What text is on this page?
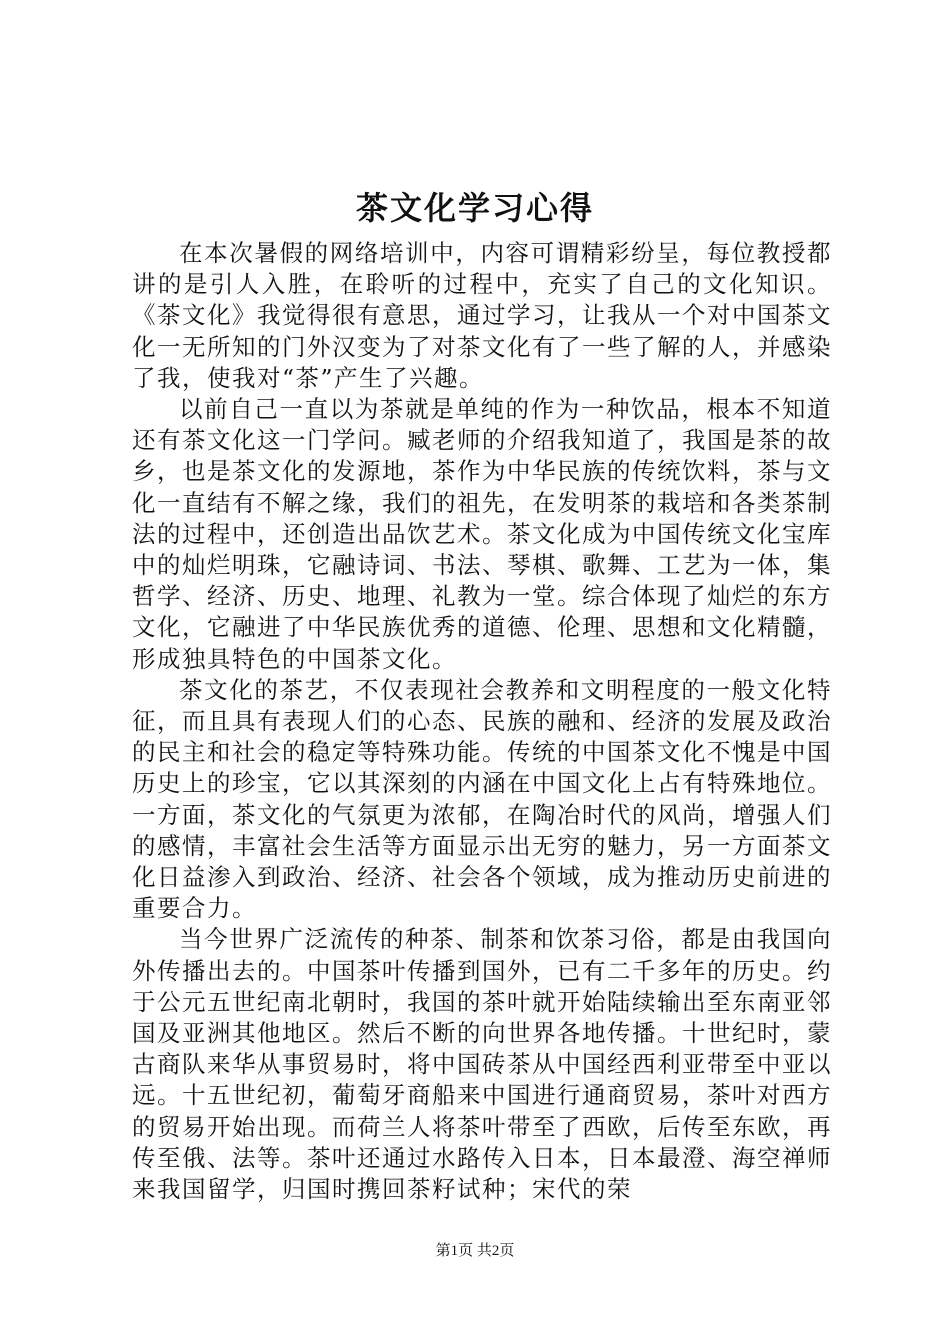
茶文化学习心得

在本次暑假的网络培训中，内容可谓精彩纷呈，每位教授都讲的是引人入胜，在聆听的过程中，充实了自己的文化知识。《茶文化》我觉得很有意思，通过学习，让我从一个对中国茶文化一无所知的门外汉变为了对茶文化有了一些了解的人，并感染了我，使我对“茶”产生了兴趣。

以前自己一直以为茶就是单纯的作为一种饮品，根本不知道还有茶文化这一门学问。臧老师的介绍我知道了，我国是茶的故乡，也是茶文化的发源地，茶作为中华民族的传统饮料，茶与文化一直结有不解之缘，我们的祖先，在发明茶的栽培和各类茶制法的过程中，还创造出品饮艺术。茶文化成为中国传统文化宝库中的灿烂明珠，它融诗词、书法、琴棋、歌舞、工艺为一体，集哲学、经济、历史、地理、礼教为一堂。综合体现了灿烂的东方文化，它融进了中华民族优秀的道德、伦理、思想和文化精髓，形成独具特色的中国茶文化。

茶文化的茶艺，不仅表现社会教养和文明程度的一般文化特征，而且具有表现人们的心态、民族的融和、经济的发展及政治的民主和社会的稳定等特殊功能。传统的中国茶文化不愧是中国历史上的珍宝，它以其深刻的内涵在中国文化上占有特殊地位。一方面，茶文化的气氛更为浓郁，在陶冶时代的风尚，增强人们的感情，丰富社会生活等方面显示出无穷的魅力，另一方面茶文化日益渗入到政治、经济、社会各个领域，成为推动历史前进的重要合力。

当今世界广泛流传的种茶、制茶和饮茶习俗，都是由我国向外传播出去的。中国茶叶传播到国外，已有二千多年的历史。约于公元五世纪南北朝时，我国的茶叶就开始陆续输出至东南亚邻国及亚洲其他地区。然后不断的向世界各地传播。十世纪时，蒙古商队来华从事贸易时，将中国砖茶从中国经西利亚带至中亚以远。十五世纪初，葡萄牙商船来中国进行通商贸易，茶叶对西方的贸易开始出现。而荷兰人将茶叶带至了西欧，后传至东欧，再传至俄、法等。茶叶还通过水路传入日本，日本最澄、海空禅师来我国留学，归国时携回茶籽试种；宋代的荣

第1页 共2页
